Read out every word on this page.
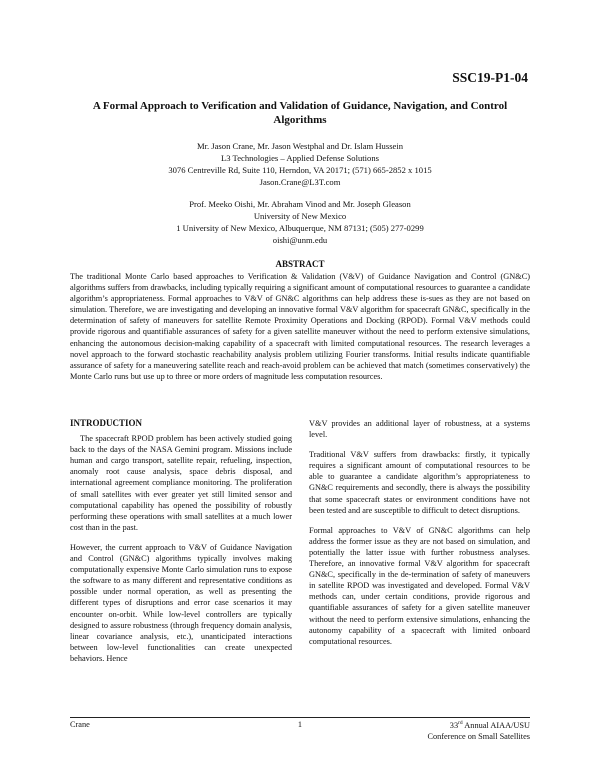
SSC19-P1-04
A Formal Approach to Verification and Validation of Guidance, Navigation, and Control Algorithms
Mr. Jason Crane, Mr. Jason Westphal and Dr. Islam Hussein
L3 Technologies – Applied Defense Solutions
3076 Centreville Rd, Suite 110, Herndon, VA 20171; (571) 665-2852 x 1015
Jason.Crane@L3T.com
Prof. Meeko Oishi, Mr. Abraham Vinod and Mr. Joseph Gleason
University of New Mexico
1 University of New Mexico, Albuquerque, NM 87131; (505) 277-0299
oishi@unm.edu
ABSTRACT
The traditional Monte Carlo based approaches to Verification & Validation (V&V) of Guidance Navigation and Control (GN&C) algorithms suffers from drawbacks, including typically requiring a significant amount of computational resources to guarantee a candidate algorithm’s appropriateness. Formal approaches to V&V of GN&C algorithms can help address these is-sues as they are not based on simulation. Therefore, we are investigating and developing an innovative formal V&V algorithm for spacecraft GN&C, specifically in the determination of safety of maneuvers for satellite Remote Proximity Operations and Docking (RPOD). Formal V&V methods could provide rigorous and quantifiable assurances of safety for a given satellite maneuver without the need to perform extensive simulations, enhancing the autonomous decision-making capability of a spacecraft with limited computational resources. The research leverages a novel approach to the forward stochastic reachability analysis problem utilizing Fourier transforms. Initial results indicate quantifiable assurance of safety for a maneuvering satellite reach and reach-avoid problem can be achieved that match (sometimes conservatively) the Monte Carlo runs but use up to three or more orders of magnitude less computation resources.
INTRODUCTION

The spacecraft RPOD problem has been actively studied going back to the days of the NASA Gemini program. Missions include human and cargo transport, satellite repair, refueling, inspection, anomaly root cause analysis, space debris disposal, and international agreement compliance monitoring. The proliferation of small satellites with ever greater yet still limited sensor and computational capability has opened the possibility of robustly performing these operations with small satellites at a much lower cost than in the past.

However, the current approach to V&V of Guidance Navigation and Control (GN&C) algorithms typically involves making computationally expensive Monte Carlo simulation runs to expose the software to as many different and representative conditions as possible under normal operation, as well as presenting the different types of disruptions and error case scenarios it may encounter on-orbit. While low-level controllers are typically designed to assure robustness (through frequency domain analysis, linear covariance analysis, etc.), unanticipated interactions between low-level functionalities can create unexpected behaviors. Hence

V&V provides an additional layer of robustness, at a systems level.

Traditional V&V suffers from drawbacks: firstly, it typically requires a significant amount of computational resources to be able to guarantee a candidate algorithm’s appropriateness to GN&C requirements and secondly, there is always the possibility that some spacecraft states or environment conditions have not been tested and are susceptible to difficult to detect disruptions.

Formal approaches to V&V of GN&C algorithms can help address the former issue as they are not based on simulation, and potentially the latter issue with further robustness analyses. Therefore, an innovative formal V&V algorithm for spacecraft GN&C, specifically in the de-termination of safety of maneuvers in satellite RPOD was investigated and developed. Formal V&V methods can, under certain conditions, provide rigorous and quantifiable assurances of safety for a given satellite maneuver without the need to perform extensive simulations, enhancing the autonomy capability of a spacecraft with limited onboard computational resources.

Crane	1	33rd Annual AIAA/USU
Conference on Small Satellites
